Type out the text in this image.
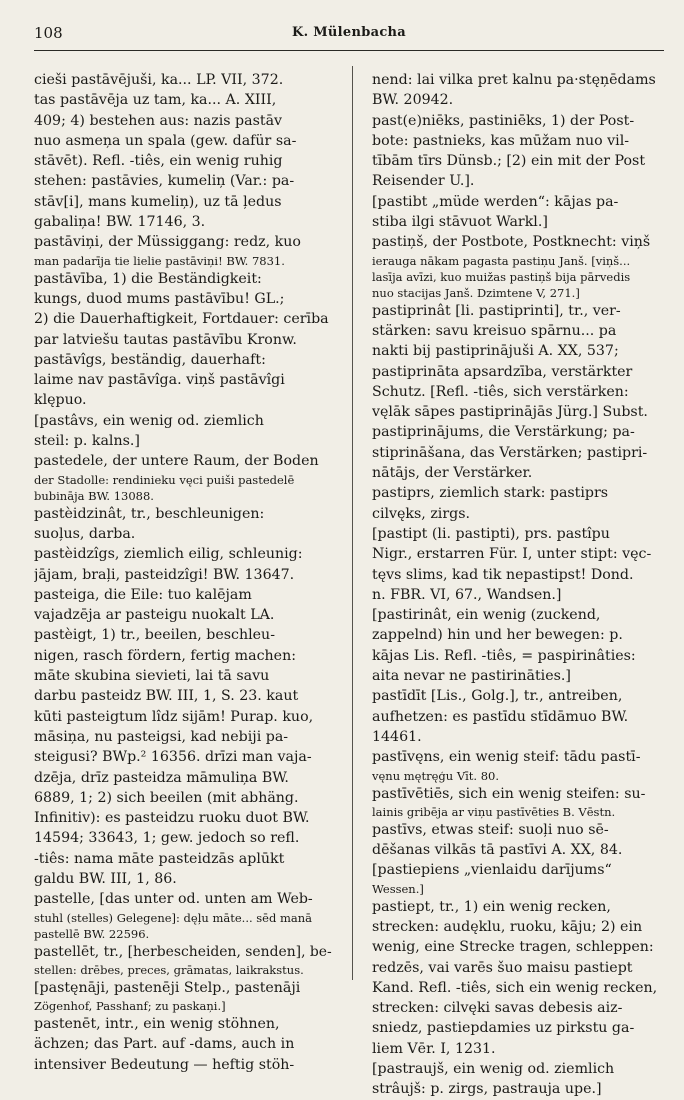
108	K. Mülenbacha
cieši pastāvējuši, ka... LP. VII, 372.
tas pastāvēja uz tam, ka... A. XIII,
409; 4) bestehen aus: nazis pastāv
nuo asmeņa un spala (gew. dafür sa-
stāvēt). Refl. -tiês, ein wenig ruhig
stehen: pastāvies, kumeliņ (Var.: pa-
stāv[i], mans kumeliņ), uz tā ļedus
gabaliņa! BW. 17146, 3.
pastāviņi, der Müssiggang: redz, kuo
man padarīja tie lielie pastāviņi! BW. 7831.
pastāvība, 1) die Beständigkeit:
kungs, duod mums pastāvību! GL.;
2) die Dauerhaftigkeit, Fortdauer: cerība
par latviešu tautas pastāvību Kronw.
pastāvîgs, beständig, dauerhaft:
laime nav pastāvîga. viņš pastāvîgi
klępuo.
[pastâvs, ein wenig od. ziemlich
steil: p. kalns.]
pastedele, der untere Raum, der Boden
der Stadolle: rendinieku vęci puiši pastedelē
bubināja BW. 13088.
pastèidzinât, tr., beschleunigen:
suoļus, darba.
pastèidzîgs, ziemlich eilig, schleunig:
jājam, braļi, pasteidzîgi! BW. 13647.
pasteiga, die Eile: tuo kalējam
vajadzēja ar pasteigu nuokalt LA.
pastèigt, 1) tr., beeilen, beschleu-
nigen, rasch fördern, fertig machen:
māte skubina sievieti, lai tā savu
darbu pasteidz BW. III, 1, S. 23. kaut
kūti pasteigtum lîdz sijām! Purap. kuo,
māsiņa, nu pasteigsi, kad nebiji pa-
steigusi? BWp.² 16356. drīzi man vaja-
dzēja, drīz pasteidza māmuliņa BW.
6889, 1; 2) sich beeilen (mit abhäng.
Infinitiv): es pasteidzu ruoku duot BW.
14594; 33643, 1; gew. jedoch so refl.
-tiês: nama māte pasteidzās aplūkt
galdu BW. III, 1, 86.
pastelle, [das unter od. unten am Web-
stuhl (stelles) Gelegene]: dęļu māte... sēd manā
pastellē BW. 22596.
pastellēt, tr., [herbescheiden, senden], be-
stellen: drēbes, preces, grāmatas, laikrakstus.
[pastęnāji, pastenēji Stelp., pastenāji
Zögenhof, Passhanf; zu paskaņi.]
pastenēt, intr., ein wenig stöhnen,
ächzen; das Part. auf -dams, auch in
intensiver Bedeutung — heftig stöh-
nend: lai vilka pret kalnu pa·stęņēdams
BW. 20942.
past(e)niēks, pastiniēks, 1) der Post-
bote: pastnieks, kas mūžam nuo vil-
tībām tīrs Dünsb.; [2) ein mit der Post
Reisender U.].
[pastibt „müde werden“: kājas pa-
stiba ilgi stāvuot Warkl.]
pastiņš, der Postbote, Postknecht: viņš
ierauga nākam pagasta pastiņu Janš. [viņš...
lasīja avīzi, kuo muižas pastiņš bija pārvedis
nuo stacijas Janš. Dzimtene V, 271.]
pastiprinât [li. pastiprinti], tr., ver-
stärken: savu kreisuo spārnu... pa
nakti bij pastiprinājuši A. XX, 537;
pastiprināta apsardzība, verstärkter
Schutz. [Refl. -tiês, sich verstärken:
vęlāk sāpes pastiprinājās Jürg.] Subst.
pastiprinājums, die Verstärkung; pa-
stiprināšana, das Verstärken; pastipri-
nātājs, der Verstärker.
pastiprs, ziemlich stark: pastiprs
cilvęks, zirgs.
[pastipt (li. pastipti), prs. pastîpu
Nigr., erstarren Für. I, unter stipt: vęc-
tęvs slims, kad tik nepastipst! Dond.
n. FBR. VI, 67., Wandsen.]
[pastirinât, ein wenig (zuckend,
zappelnd) hin und her bewegen: p.
kājas Lis. Refl. -tiês, = paspirinâties:
aita nevar ne pastirināties.]
pastīdīt [Lis., Golg.], tr., antreiben,
aufhetzen: es pastīdu stīdāmuo BW.
14461.
pastīvęns, ein wenig steif: tādu pastī-
vęnu mętręģu Vīt. 80.
pastīvētiēs, sich ein wenig steifen: su-
lainis gribēja ar viņu pastīvēties B. Vēstn.
pastīvs, etwas steif: suoļi nuo sē-
dēšanas vilkās tā pastīvi A. XX, 84.
[pastiepiens „vienlaidu darījums“
Wessen.]
pastiept, tr., 1) ein wenig recken,
strecken: audęklu, ruoku, kāju; 2) ein
wenig, eine Strecke tragen, schleppen:
redzēs, vai varēs šuo maisu pastiept
Kand. Refl. -tiês, sich ein wenig recken,
strecken: cilvęki savas debesis aiz-
sniedz, pastiepdamies uz pirkstu ga-
liem Vēr. I, 1231.
[pastraujš, ein wenig od. ziemlich
strâujš: p. zirgs, pastrauja upe.]
